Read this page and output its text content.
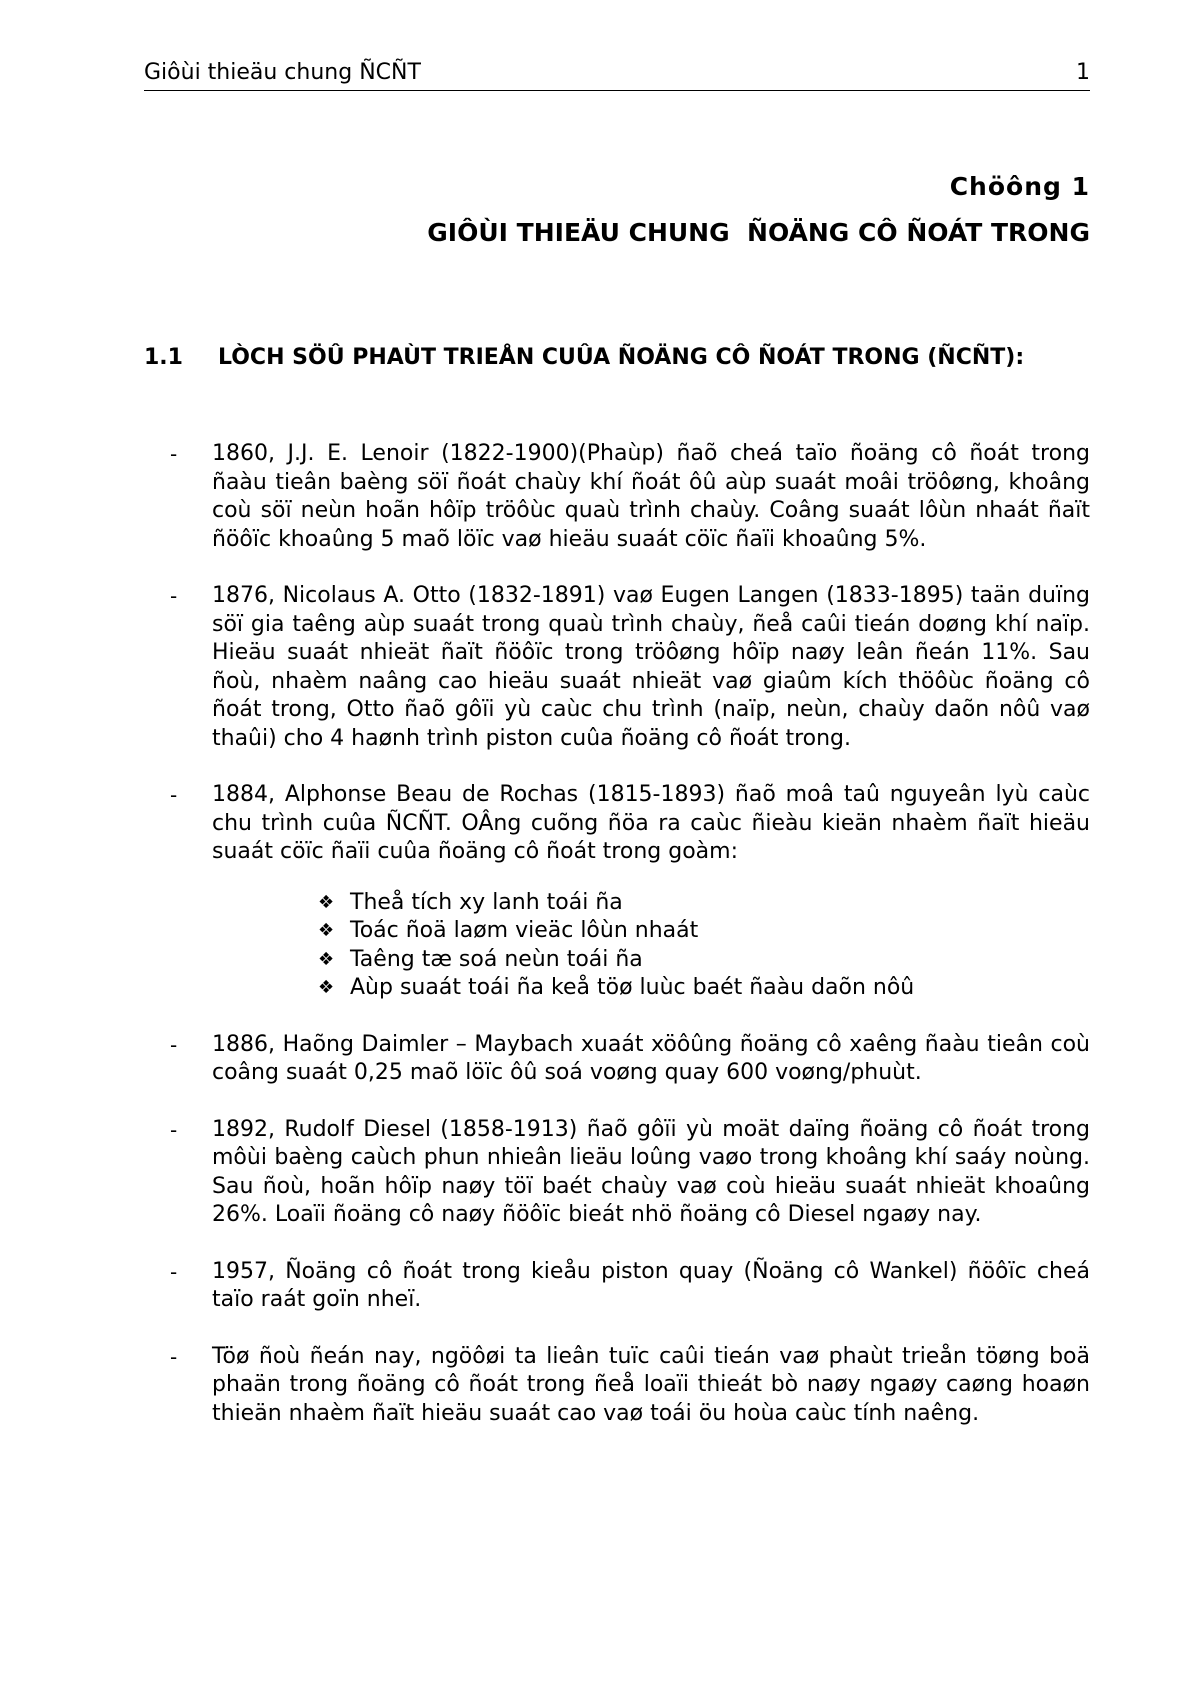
Giôùi thieäu chung ÑCÑT	1
Chöông 1
GIÔÙI THIEÄU CHUNG  ÑOÄNG CÔ ÑOÁT TRONG
1.1 LÒCH SÖÛ PHAÙT TRIEÅN CUÛA ÑOÄNG CÔ ÑOÁT TRONG (ÑCÑT):
- 1860, J.J. E. Lenoir (1822-1900)(Phaùp) ñaõ cheá taïo ñoäng cô ñoát trong ñaàu tieân baèng söï ñoát chaùy khí ñoát ôû aùp suaát moâi tröôøng, khoâng coù söï neùn hoãn hôïp tröôùc quaù trình chaùy. Coâng suaát lôùn nhaát ñaït ñöôïc khoaûng 5 maõ löïc vaø hieäu suaát cöïc ñaïi khoaûng 5%.
- 1876, Nicolaus A. Otto (1832-1891) vaø Eugen Langen (1833-1895) taän duïng söï gia taêng aùp suaát trong quaù trình chaùy, ñeå caûi tieán doøng khí naïp. Hieäu suaát nhieät ñaït ñöôïc trong tröôøng hôïp naøy leân ñeán 11%. Sau ñoù, nhaèm naâng cao hieäu suaát nhieät vaø giaûm kích thöôùc ñoäng cô ñoát trong, Otto ñaõ gôïi yù caùc chu trình (naïp, neùn, chaùy daõn nôû vaø thaûi) cho 4 haønh trình piston cuûa ñoäng cô ñoát trong.
- 1884, Alphonse Beau de Rochas (1815-1893) ñaõ moâ taû nguyeân lyù caùc chu trình cuûa ÑCÑT. OÂng cuõng ñöa ra caùc ñieàu kieän nhaèm ñaït hieäu suaát cöïc ñaïi cuûa ñoäng cô ñoát trong goàm:
❖ Theå tích xy lanh toái ña
❖ Toác ñoä laøm vieäc lôùn nhaát
❖ Taêng tæ soá neùn toái ña
❖ Aùp suaát toái ña keå töø luùc baét ñaàu daõn nôû
- 1886, Haõng Daimler – Maybach xuaát xöôûng ñoäng cô xaêng ñaàu tieân coù coâng suaát 0,25 maõ löïc ôû soá voøng quay 600 voøng/phuùt.
- 1892, Rudolf Diesel (1858-1913) ñaõ gôïi yù moät daïng ñoäng cô ñoát trong môùi baèng caùch phun nhieân lieäu loûng vaøo trong khoâng khí saáy noùng. Sau ñoù, hoãn hôïp naøy töï baét chaùy vaø coù hieäu suaát nhieät khoaûng 26%. Loaïi ñoäng cô naøy ñöôïc bieát nhö ñoäng cô Diesel ngaøy nay.
- 1957, Ñoäng cô ñoát trong kieåu piston quay (Ñoäng cô Wankel) ñöôïc cheá taïo raát goïn nheï.
- Töø ñoù ñeán nay, ngöôøi ta lieân tuïc caûi tieán vaø phaùt trieån töøng boä phaän trong ñoäng cô ñoát trong ñeå loaïi thieát bò naøy ngaøy caøng hoaøn thieän nhaèm ñaït hieäu suaát cao vaø toái öu hoùa caùc tính naêng.
